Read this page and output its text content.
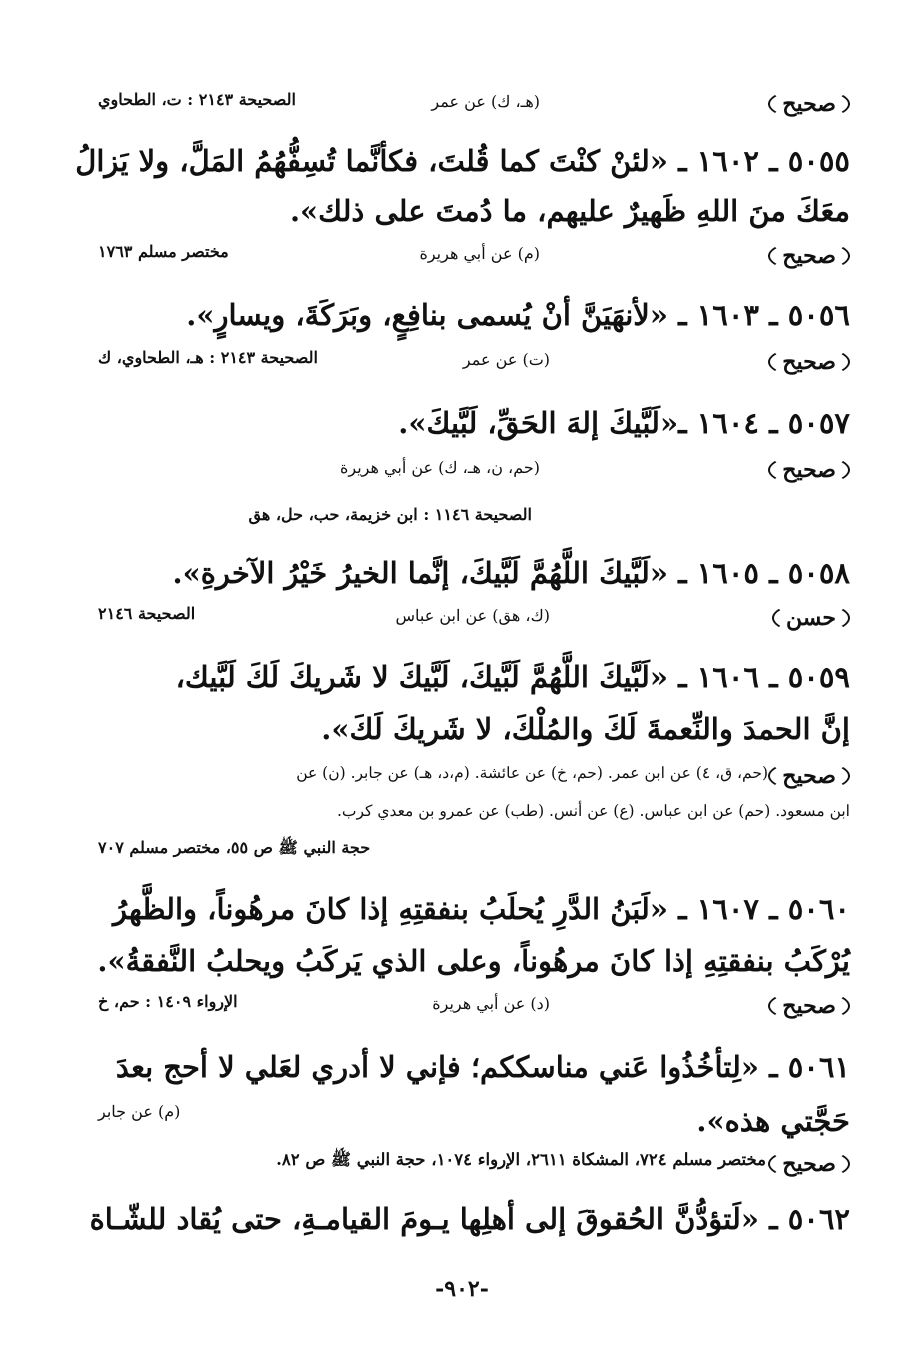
صحيح
(هـ، ك) عن عمر
الصحيحة ٢١٤٣ : ت، الطحاوي
٥٠٥٥ ـ ١٦٠٢ ـ «لئنْ كنْتَ كما قُلتَ، فكأنَّما تُسِفُّهُمُ المَلَّ، ولا يَزالُ
معَكَ منَ اللهِ ظَهيرٌ عليهم، ما دُمتَ على ذلك».
صحيح
(م) عن أبي هريرة
مختصر مسلم ١٧٦٣
٥٠٥٦ ـ ١٦٠٣ ـ «لأنهَيَنَّ أنْ يُسمى بنافِعٍ، وبَرَكَةَ، ويسارٍ».
صحيح
(ت) عن عمر
الصحيحة ٢١٤٣ : هـ، الطحاوي، ك
٥٠٥٧ ـ ١٦٠٤ ـ«لَبَّيكَ إلهَ الحَقِّ، لَبَّيكَ».
صحيح
(حم، ن، هـ، ك) عن أبي هريرة
الصحيحة ١١٤٦ : ابن خزيمة، حب، حل، هق
٥٠٥٨ ـ ١٦٠٥ ـ «لَبَّيكَ اللَّهُمَّ لَبَّيكَ، إنَّما الخيرُ خَيْرُ الآخرةِ».
حسن
(ك، هق) عن ابن عباس
الصحيحة ٢١٤٦
٥٠٥٩ ـ ١٦٠٦ ـ «لَبَّيكَ اللَّهُمَّ لَبَّيكَ، لَبَّيكَ لا شَريكَ لَكَ لَبَّيك،
إنَّ الحمدَ والنِّعمةَ لَكَ والمُلْكَ، لا شَريكَ لَكَ».
صحيح
(حم، ق، ٤) عن ابن عمر. (حم، خ) عن عائشة. (م،د، هـ) عن جابر. (ن) عن
ابن مسعود. (حم) عن ابن عباس. (ع) عن أنس. (طب) عن عمرو بن معدي كرب.
حجة النبي ﷺ ص ٥٥، مختصر مسلم ٧٠٧
٥٠٦٠ ـ ١٦٠٧ ـ «لَبَنُ الدَّرِ يُحلَبُ بنفقتِهِ إذا كانَ مرهُوناً، والظَّهرُ
يُرْكَبُ بنفقتِهِ إذا كانَ مرهُوناً، وعلى الذي يَركَبُ ويحلبُ النَّفقةُ».
صحيح
(د) عن أبي هريرة
الإرواء ١٤٠٩ : حم، خ
٥٠٦١ ـ «لِتأخُذُوا عَني مناسككم؛ فإني لا أدري لعَلي لا أحج بعدَ
حَجَّتي هذه».
(م) عن جابر
صحيح
مختصر مسلم ٧٢٤، المشكاة ٢٦١١، الإرواء ١٠٧٤، حجة النبي ﷺ ص ٨٢.
٥٠٦٢ ـ «لَتؤدُّنَّ الحُقوقَ إلى أهلِها يـومَ القيامـةِ، حتى يُقاد للشّـاة
-٩٠٢-
